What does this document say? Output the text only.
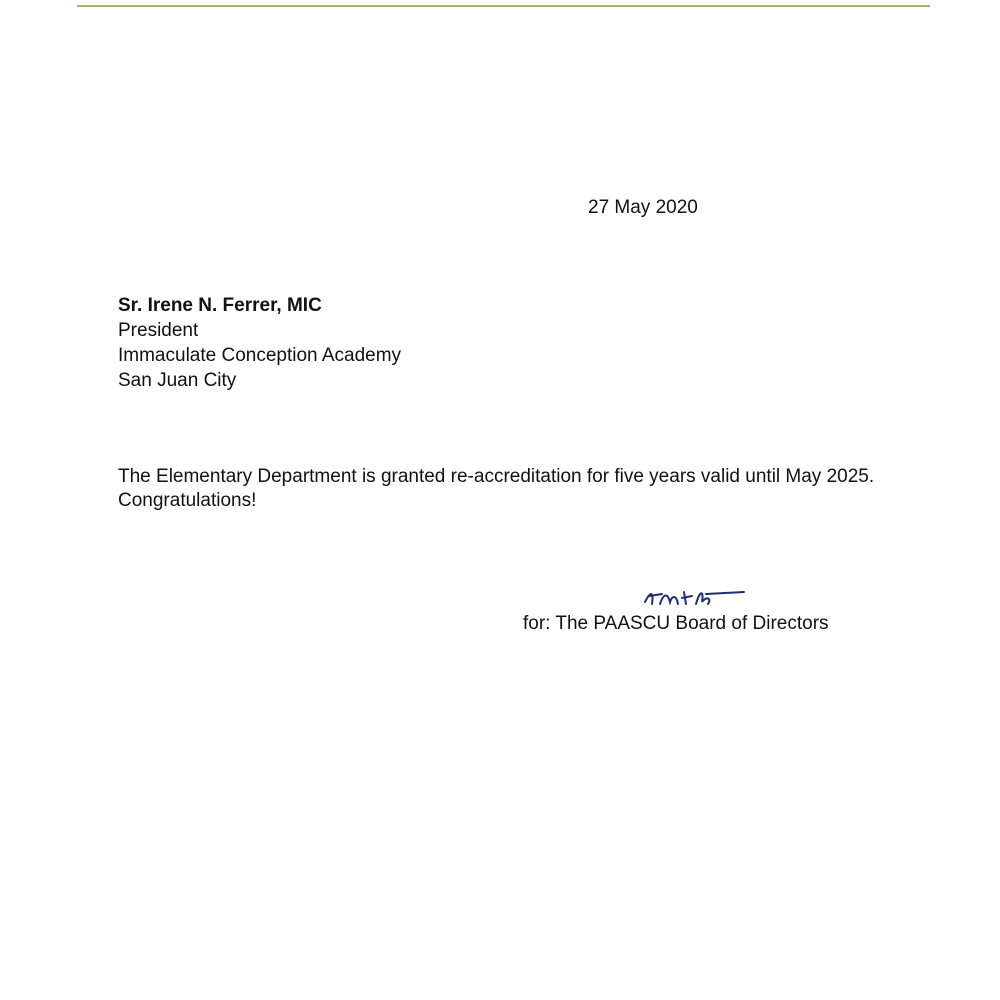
27 May 2020
Sr. Irene N. Ferrer, MIC
President
Immaculate Conception Academy
San Juan City
The Elementary Department is granted re-accreditation for five years valid until May 2025. Congratulations!
for: The PAASCU Board of Directors
